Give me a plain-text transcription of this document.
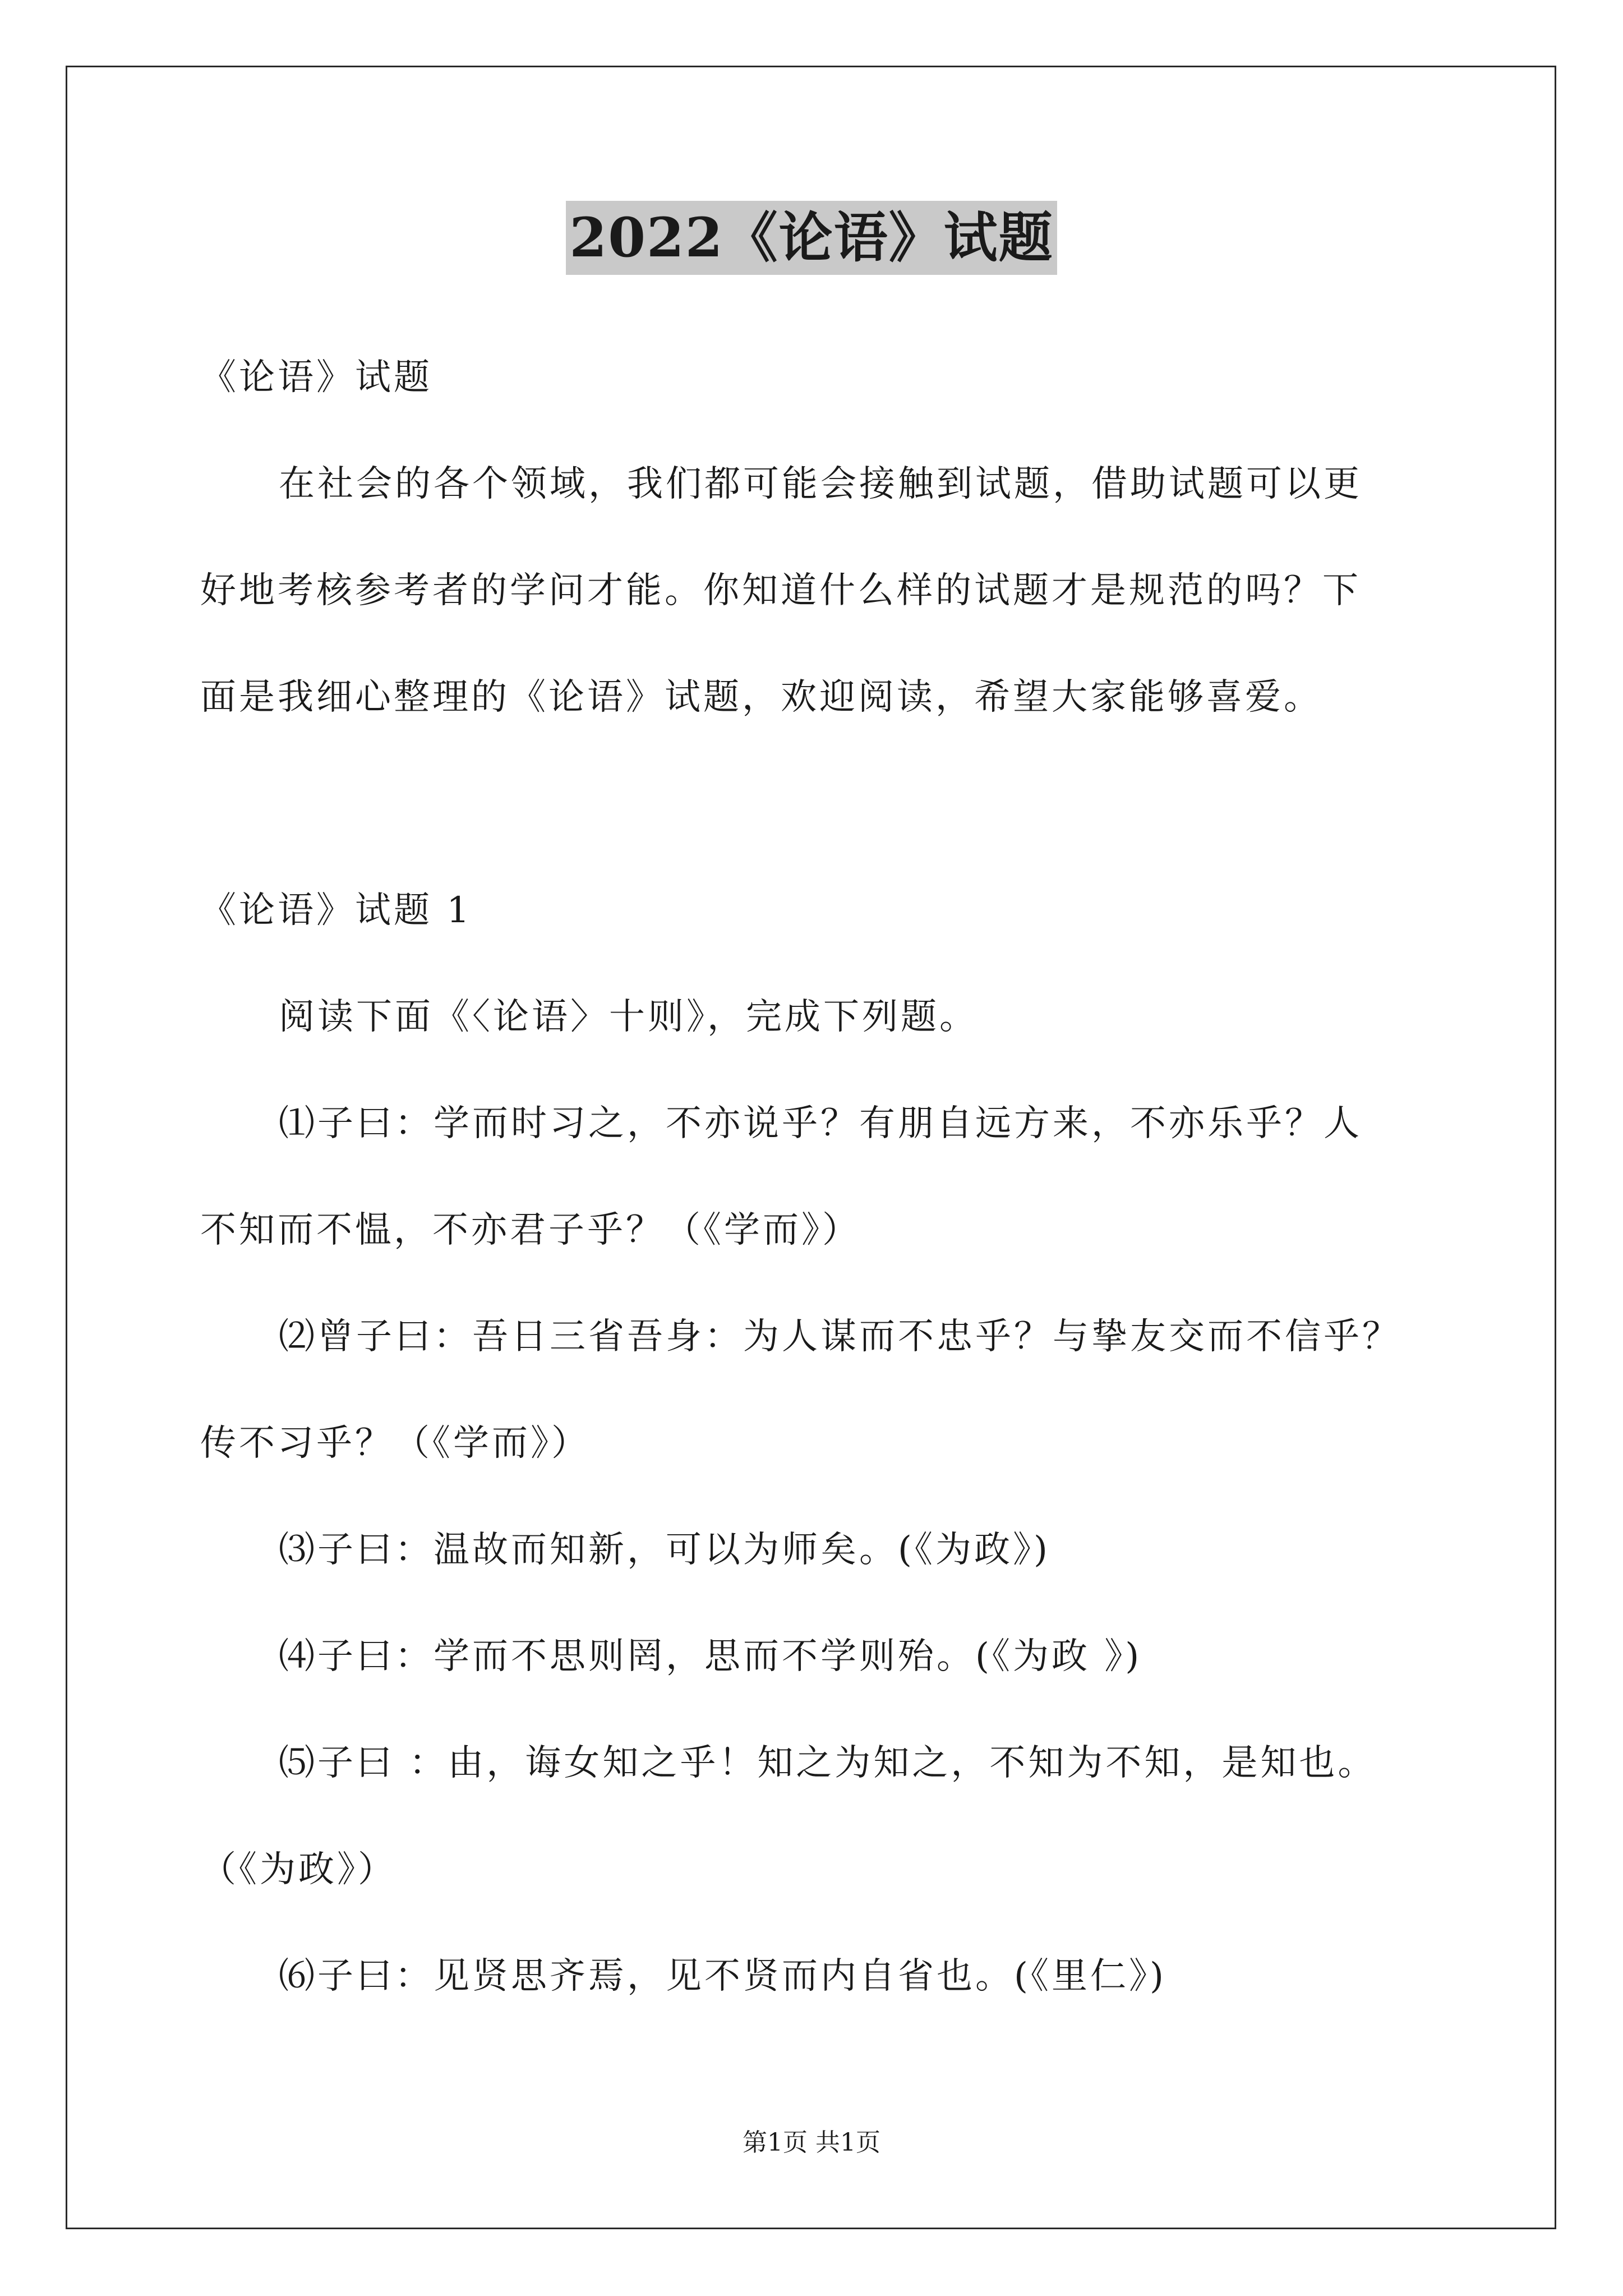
2022《论语》试题
《论语》试题
在社会的各个领域，我们都可能会接触到试题，借助试题可以更
好地考核参考者的学问才能。你知道什么样的试题才是规范的吗？下
面是我细心整理的《论语》试题，欢迎阅读，希望大家能够喜爱。
《论语》试题 1
阅读下面《〈论语〉十则》，完成下列题。
⑴子曰：学而时习之，不亦说乎？有朋自远方来，不亦乐乎？人
不知而不愠，不亦君子乎？（《学而》）
⑵曾子曰：吾日三省吾身：为人谋而不忠乎？与挚友交而不信乎？
传不习乎？（《学而》）
⑶子曰：温故而知新，可以为师矣。(《为政》)
⑷子曰：学而不思则罔，思而不学则殆。(《为政 》)
⑸子曰 ：由，诲女知之乎！知之为知之，不知为不知，是知也。
（《为政》）
⑹子曰：见贤思齐焉，见不贤而内自省也。(《里仁》)
第1页 共1页
